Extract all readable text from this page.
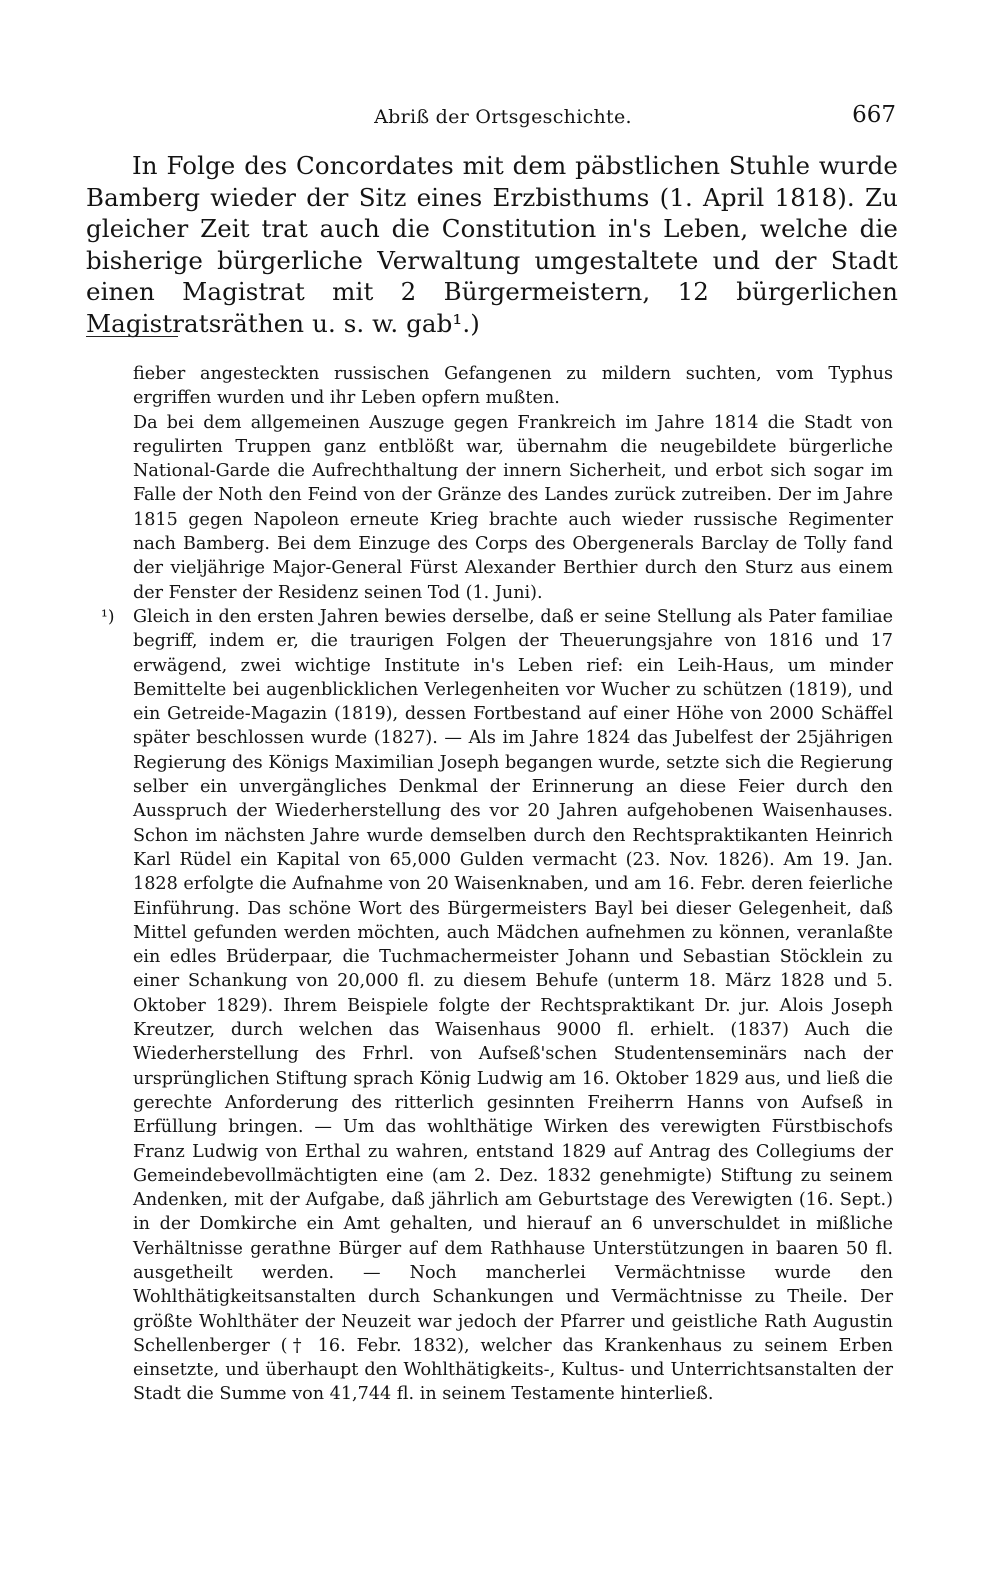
Abriß der Ortsgeschichte.	667

In Folge des Concordates mit dem päbstlichen Stuhle wurde Bamberg wieder der Sitz eines Erzbisthums (1. April 1818). Zu gleicher Zeit trat auch die Constitution in's Leben, welche die bisherige bürgerliche Verwaltung umgestaltete und der Stadt einen Magistrat mit 2 Bürgermeistern, 12 bürgerlichen Magistratsräthen u. s. w. gab¹.)

fieber angesteckten russischen Gefangenen zu mildern suchten, vom Typhus ergriffen wurden und ihr Leben opfern mußten.

Da bei dem allgemeinen Auszuge gegen Frankreich im Jahre 1814 die Stadt von regulirten Truppen ganz entblößt war, übernahm die neugebildete bürgerliche National-Garde die Aufrechthaltung der innern Sicherheit, und erbot sich sogar im Falle der Noth den Feind von der Gränze des Landes zurück zutreiben. Der im Jahre 1815 gegen Napoleon erneute Krieg brachte auch wieder russische Regimenter nach Bamberg. Bei dem Einzuge des Corps des Obergenerals Barclay de Tolly fand der vieljährige Major-General Fürst Alexander Berthier durch den Sturz aus einem der Fenster der Residenz seinen Tod (1. Juni).

¹) Gleich in den ersten Jahren bewies derselbe, daß er seine Stellung als Pater familiae begriff, indem er, die traurigen Folgen der Theuerungsjahre von 1816 und 17 erwägend, zwei wichtige Institute in's Leben rief: ein Leih-Haus, um minder Bemittelte bei augenblicklichen Verlegenheiten vor Wucher zu schützen (1819), und ein Getreide-Magazin (1819), dessen Fortbestand auf einer Höhe von 2000 Schäffel später beschlossen wurde (1827). — Als im Jahre 1824 das Jubelfest der 25jährigen Regierung des Königs Maximilian Joseph begangen wurde, setzte sich die Regierung selber ein unvergängliches Denkmal der Erinnerung an diese Feier durch den Ausspruch der Wiederherstellung des vor 20 Jahren aufgehobenen Waisenhauses. Schon im nächsten Jahre wurde demselben durch den Rechtspraktikanten Heinrich Karl Rüdel ein Kapital von 65,000 Gulden vermacht (23. Nov. 1826). Am 19. Jan. 1828 erfolgte die Aufnahme von 20 Waisenknaben, und am 16. Febr. deren feierliche Einführung. Das schöne Wort des Bürgermeisters Bayl bei dieser Gelegenheit, daß Mittel gefunden werden möchten, auch Mädchen aufnehmen zu können, veranlaßte ein edles Brüderpaar, die Tuchmachermeister Johann und Sebastian Stöcklein zu einer Schankung von 20,000 fl. zu diesem Behufe (unterm 18. März 1828 und 5. Oktober 1829). Ihrem Beispiele folgte der Rechtspraktikant Dr. jur. Alois Joseph Kreutzer, durch welchen das Waisenhaus 9000 fl. erhielt. (1837) Auch die Wiederherstellung des Frhrl. von Aufseß'schen Studentenseminärs nach der ursprünglichen Stiftung sprach König Ludwig am 16. Oktober 1829 aus, und ließ die gerechte Anforderung des ritterlich gesinnten Freiherrn Hanns von Aufseß in Erfüllung bringen. — Um das wohlthätige Wirken des verewigten Fürstbischofs Franz Ludwig von Erthal zu wahren, entstand 1829 auf Antrag des Collegiums der Gemeindebevollmächtigten eine (am 2. Dez. 1832 genehmigte) Stiftung zu seinem Andenken, mit der Aufgabe, daß jährlich am Geburtstage des Verewigten (16. Sept.) in der Domkirche ein Amt gehalten, und hierauf an 6 unverschuldet in mißliche Verhältnisse gerathne Bürger auf dem Rathhause Unterstützungen in baaren 50 fl. ausgetheilt werden. — Noch mancherlei Vermächtnisse wurde den Wohlthätigkeitsanstalten durch Schankungen und Vermächtnisse zu Theile. Der größte Wohlthäter der Neuzeit war jedoch der Pfarrer und geistliche Rath Augustin Schellenberger († 16. Febr. 1832), welcher das Krankenhaus zu seinem Erben einsetzte, und überhaupt den Wohlthätigkeits-, Kultus- und Unterrichtsanstalten der Stadt die Summe von 41,744 fl. in seinem Testamente hinterließ.
